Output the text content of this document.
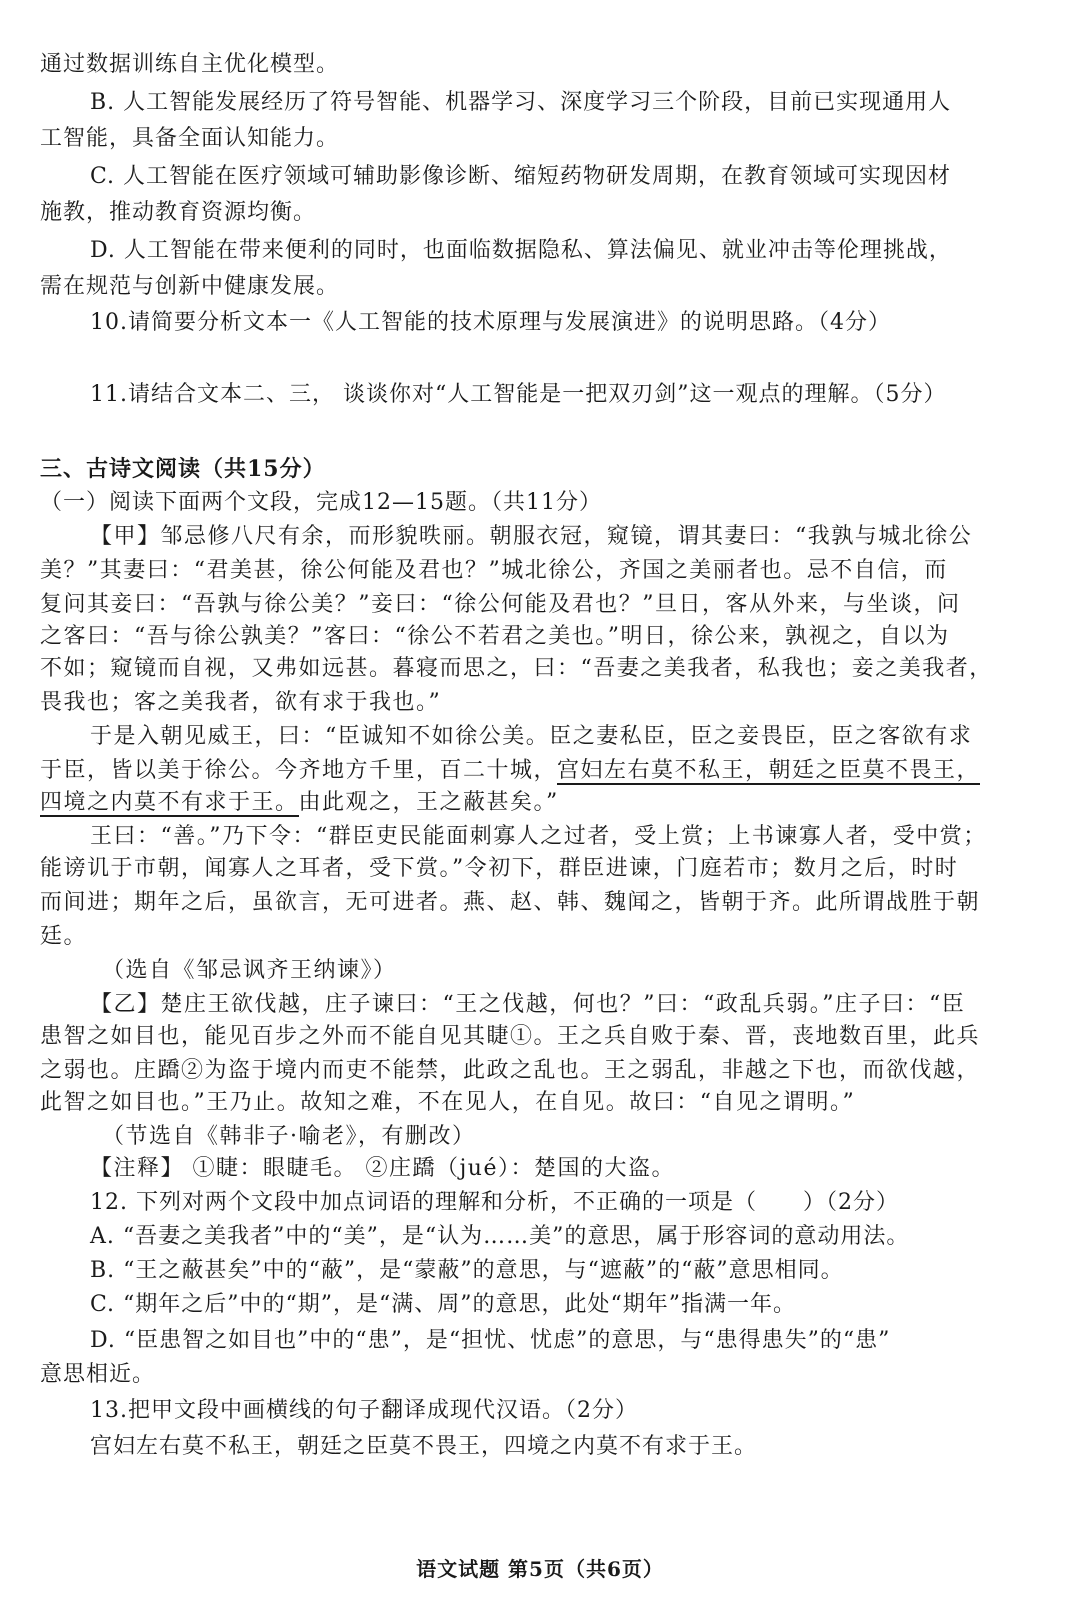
通过数据训练自主优化模型。
B. 人工智能发展经历了符号智能、机器学习、深度学习三个阶段，目前已实现通用人
工智能，具备全面认知能力。
C. 人工智能在医疗领域可辅助影像诊断、缩短药物研发周期，在教育领域可实现因材
施教，推动教育资源均衡。
D. 人工智能在带来便利的同时，也面临数据隐私、算法偏见、就业冲击等伦理挑战，
需在规范与创新中健康发展。
10.请简要分析文本一《人工智能的技术原理与发展演进》的说明思路。（4分）
11.请结合文本二、三， 谈谈你对“人工智能是一把双刃剑”这一观点的理解。（5分）
三、古诗文阅读（共15分）
（一）阅读下面两个文段，完成12—15题。（共11分）
【甲】邹忌修八尺有余，而形貌昳丽。朝服衣冠，窥镜，谓其妻曰：“我孰与城北徐公
美？”其妻曰：“君美甚，徐公何能及君也？”城北徐公，齐国之美丽者也。忌不自信，而
复问其妾曰：“吾孰与徐公美？”妾曰：“徐公何能及君也？”旦日，客从外来，与坐谈，问
之客曰：“吾与徐公孰美？”客曰：“徐公不若君之美也。”明日，徐公来，孰视之，自以为
不如；窥镜而自视，又弗如远甚。暮寝而思之，曰：“吾妻之美我者，私我也；妾之美我者，
畏我也；客之美我者，欲有求于我也。”
于是入朝见威王，曰：“臣诚知不如徐公美。臣之妻私臣，臣之妾畏臣，臣之客欲有求
于臣，皆以美于徐公。今齐地方千里，百二十城，宫妇左右莫不私王，朝廷之臣莫不畏王，
四境之内莫不有求于王。由此观之，王之蔽甚矣。”
王曰：“善。”乃下令：“群臣吏民能面刺寡人之过者，受上赏；上书谏寡人者，受中赏；
能谤讥于市朝，闻寡人之耳者，受下赏。”令初下，群臣进谏，门庭若市；数月之后，时时
而间进；期年之后，虽欲言，无可进者。燕、赵、韩、魏闻之，皆朝于齐。此所谓战胜于朝
廷。
（选自《邹忌讽齐王纳谏》）
【乙】楚庄王欲伐越，庄子谏曰：“王之伐越，何也？”曰：“政乱兵弱。”庄子曰：“臣
患智之如目也，能见百步之外而不能自见其睫①。王之兵自败于秦、晋，丧地数百里，此兵
之弱也。庄蹻②为盗于境内而吏不能禁，此政之乱也。王之弱乱，非越之下也，而欲伐越，
此智之如目也。”王乃止。故知之难，不在见人，在自见。故曰：“自见之谓明。”
（节选自《韩非子·喻老》，有删改）
【注释】 ①睫：眼睫毛。 ②庄蹻（jué）：楚国的大盗。
12. 下列对两个文段中加点词语的理解和分析，不正确的一项是（　　）（2分）
A. “吾妻之美我者”中的“美”，是“认为……美”的意思，属于形容词的意动用法。
B. “王之蔽甚矣”中的“蔽”，是“蒙蔽”的意思，与“遮蔽”的“蔽”意思相同。
C. “期年之后”中的“期”，是“满、周”的意思，此处“期年”指满一年。
D. “臣患智之如目也”中的“患”，是“担忧、忧虑”的意思，与“患得患失”的“患”
意思相近。
13.把甲文段中画横线的句子翻译成现代汉语。（2分）
宫妇左右莫不私王，朝廷之臣莫不畏王，四境之内莫不有求于王。
语文试题 第5页（共6页）
